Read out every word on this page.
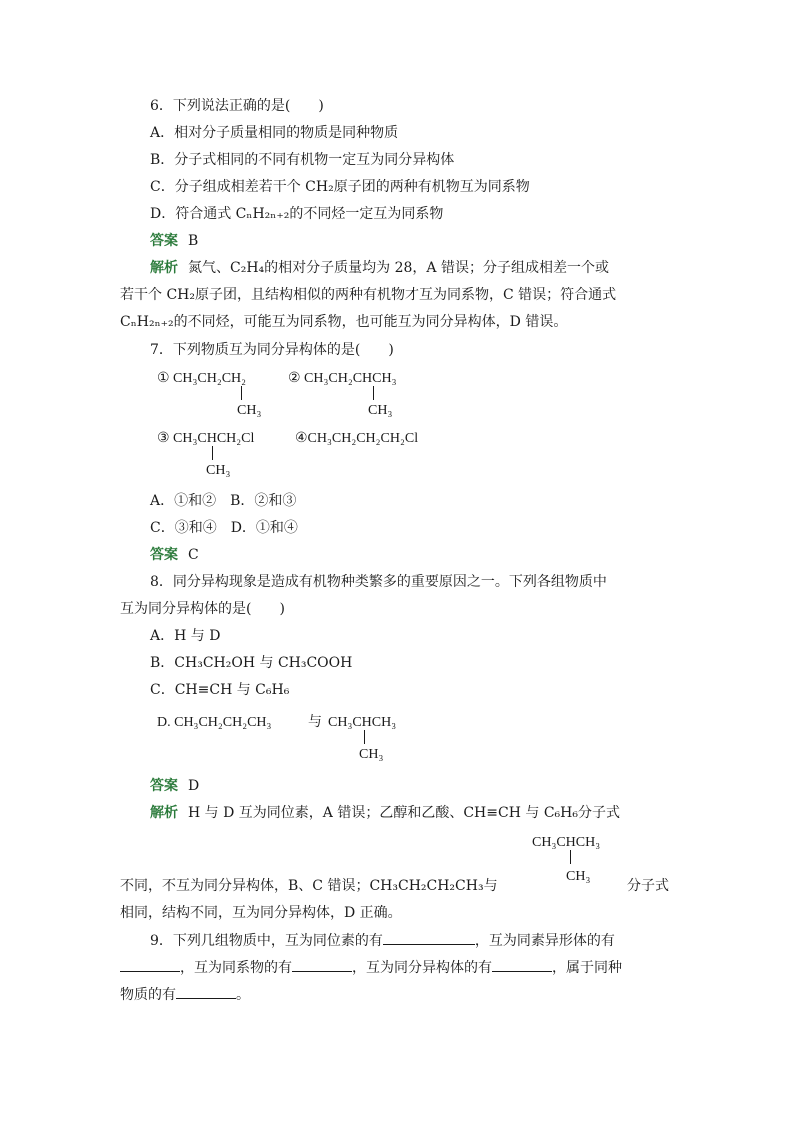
6．下列说法正确的是(　　)
A．相对分子质量相同的物质是同种物质
B．分子式相同的不同有机物一定互为同分异构体
C．分子组成相差若干个 CH₂原子团的两种有机物互为同系物
D．符合通式 CₙH₂ₙ₊₂的不同烃一定互为同系物
答案 B
解析 氮气、C₂H₄的相对分子质量均为 28，A 错误；分子组成相差一个或
若干个 CH₂原子团，且结构相似的两种有机物才互为同系物，C 错误；符合通式
CₙH₂ₙ₊₂的不同烃，可能互为同系物，也可能互为同分异构体，D 错误。
7．下列物质互为同分异构体的是(　　)
① CH₃CH₂CH₂
CH₃
② CH₃CH₂CHCH₃
CH₃
③ CH₃CHCH₂Cl
CH₃
④CH₃CH₂CH₂CH₂Cl
A．①和②　B．②和③
C．③和④　D．①和④
答案 C
8．同分异构现象是造成有机物种类繁多的重要原因之一。下列各组物质中
互为同分异构体的是(　　)
A．H 与 D
B．CH₃CH₂OH 与 CH₃COOH
C．CH≡CH 与 C₆H₆
D. CH₃CH₂CH₂CH₃	与 CH₃CHCH₃
CH₃
答案 D
解析 H 与 D 互为同位素，A 错误；乙醇和乙酸、CH≡CH 与 C₆H₆分子式
CH₃CHCH₃
CH₃
不同，不互为同分异构体，B、C 错误；CH₃CH₂CH₂CH₃与	分子式
相同，结构不同，互为同分异构体，D 正确。
9．下列几组物质中，互为同位素的有	，互为同素异形体的有
，互为同系物的有	，互为同分异构体的有	，属于同种
物质的有	。
